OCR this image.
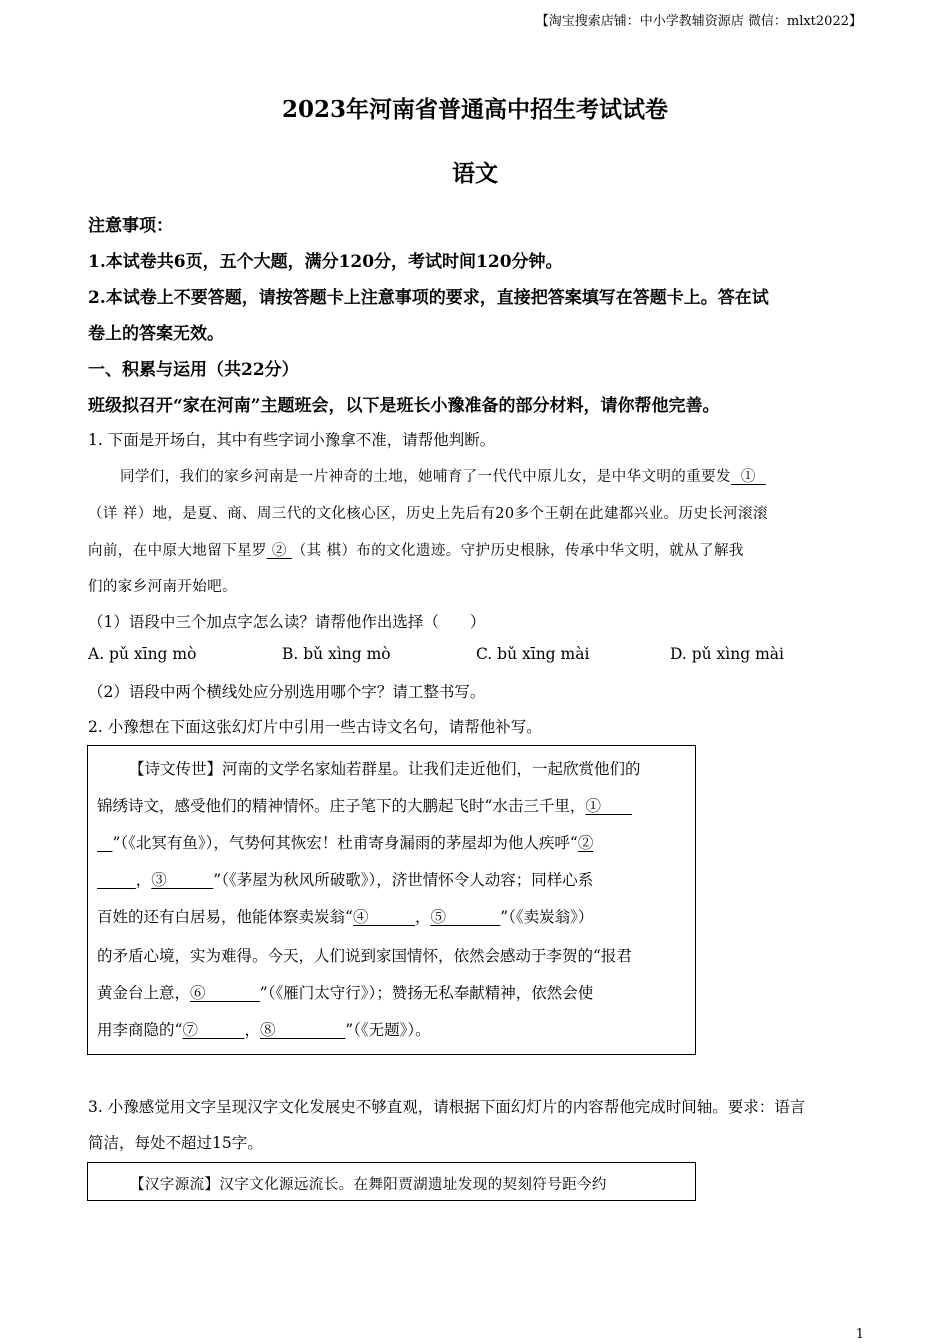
【淘宝搜索店铺：中小学教辅资源店 微信：mlxt2022】
2023年河南省普通高中招生考试试卷
语文
注意事项：
1.本试卷共6页，五个大题，满分120分，考试时间120分钟。
2.本试卷上不要答题，请按答题卡上注意事项的要求，直接把答案填写在答题卡上。答在试
卷上的答案无效。
一、积累与运用（共22分）
班级拟召开“家在河南”主题班会，以下是班长小豫准备的部分材料，请你帮他完善。
1. 下面是开场白，其中有些字词小豫拿不准，请帮他判断。
同学们，我们的家乡河南是一片神奇的土地，她哺育了一代代中原儿女，是中华文明的重要发  ①
（详 祥）地，是夏、商、周三代的文化核心区，历史上先后有20多个王朝在此建都兴业。历史长河滚滚
向前，在中原大地留下星罗 ② （其 棋）布的文化遗迹。守护历史根脉，传承中华文明，就从了解我
们的家乡河南开始吧。
（1）语段中三个加点字怎么读？请帮他作出选择（　　）
A. pǔ xīng mò	B. bǔ xìng mò	C. bǔ xīng mài	D. pǔ xìng mài
（2）语段中两个横线处应分别选用哪个字？请工整书写。
2. 小豫想在下面这张幻灯片中引用一些古诗文名句，请帮他补写。
【诗文传世】河南的文学名家灿若群星。让我们走近他们，一起欣赏他们的
锦绣诗文，感受他们的精神情怀。庄子笔下的大鹏起飞时“水击三千里，①____
__”（《北冥有鱼》），气势何其恢宏！杜甫寄身漏雨的茅屋却为他人疾呼“②
_____，③______”（《茅屋为秋风所破歌》），济世情怀令人动容；同样心系
百姓的还有白居易，他能体察卖炭翁“④______，⑤_______”（《卖炭翁》）
的矛盾心境，实为难得。今天，人们说到家国情怀，依然会感动于李贺的“报君
黄金台上意，⑥_______”（《雁门太守行》）；赞扬无私奉献精神，依然会使
用李商隐的“⑦______，⑧_________”（《无题》）。
3. 小豫感觉用文字呈现汉字文化发展史不够直观，请根据下面幻灯片的内容帮他完成时间轴。要求：语言
简洁，每处不超过15字。
【汉字源流】汉字文化源远流长。在舞阳贾湖遗址发现的契刻符号距今约
1
